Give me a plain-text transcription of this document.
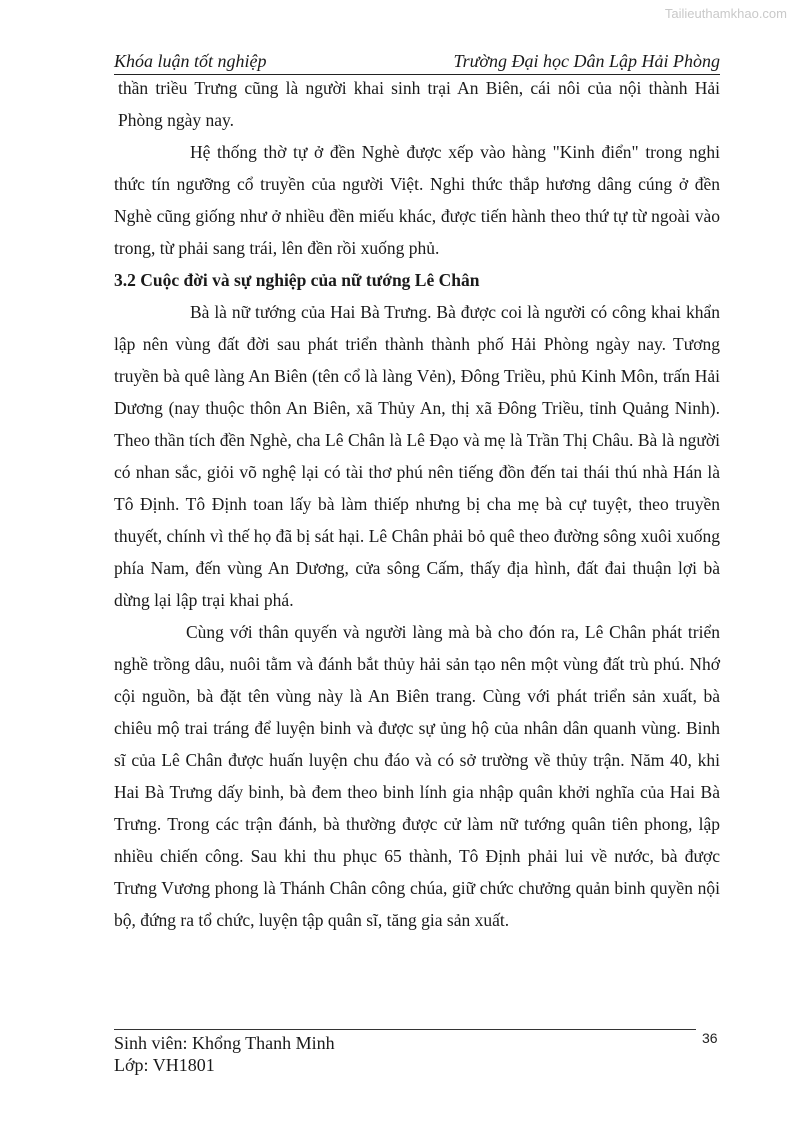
Tailieuthamkhao.com
Khóa luận tốt nghiệp	Trường Đại học Dân Lập Hải Phòng

thần triều Trưng cũng là người khai sinh trại An Biên, cái nôi của nội thành Hải Phòng ngày nay.

Hệ thống thờ tự ở đền Nghè được xếp vào hàng "Kinh điển" trong nghi thức tín ngưỡng cổ truyền của người Việt. Nghi thức thắp hương dâng cúng ở đền Nghè cũng giống như ở nhiều đền miếu khác, được tiến hành theo thứ tự từ ngoài vào trong, từ phải sang trái, lên đền rồi xuống phủ.

3.2 Cuộc đời và sự nghiệp của nữ tướng Lê Chân

Bà là nữ tướng của Hai Bà Trưng. Bà được coi là người có công khai khẩn lập nên vùng đất đời sau phát triển thành thành phố Hải Phòng ngày nay. Tương truyền bà quê làng An Biên (tên cổ là làng Vẻn), Đông Triều, phủ Kinh Môn, trấn Hải Dương (nay thuộc thôn An Biên, xã Thủy An, thị xã Đông Triều, tỉnh Quảng Ninh). Theo thần tích đền Nghè, cha Lê Chân là Lê Đạo và mẹ là Trần Thị Châu. Bà là người có nhan sắc, giỏi võ nghệ lại có tài thơ phú nên tiếng đồn đến tai thái thú nhà Hán là Tô Định. Tô Định toan lấy bà làm thiếp nhưng bị cha mẹ bà cự tuyệt, theo truyền thuyết, chính vì thế họ đã bị sát hại. Lê Chân phải bỏ quê theo đường sông xuôi xuống phía Nam, đến vùng An Dương, cửa sông Cấm, thấy địa hình, đất đai thuận lợi bà dừng lại lập trại khai phá.

Cùng với thân quyến và người làng mà bà cho đón ra, Lê Chân phát triển nghề trồng dâu, nuôi tằm và đánh bắt thủy hải sản tạo nên một vùng đất trù phú. Nhớ cội nguồn, bà đặt tên vùng này là An Biên trang. Cùng với phát triển sản xuất, bà chiêu mộ trai tráng để luyện binh và được sự ủng hộ của nhân dân quanh vùng. Binh sĩ của Lê Chân được huấn luyện chu đáo và có sở trường về thủy trận. Năm 40, khi Hai Bà Trưng dấy binh, bà đem theo binh lính gia nhập quân khởi nghĩa của Hai Bà Trưng. Trong các trận đánh, bà thường được cử làm nữ tướng quân tiên phong, lập nhiều chiến công. Sau khi thu phục 65 thành, Tô Định phải lui về nước, bà được Trưng Vương phong là Thánh Chân công chúa, giữ chức chưởng quản binh quyền nội bộ, đứng ra tổ chức, luyện tập quân sĩ, tăng gia sản xuất.

36
Sinh viên: Khổng Thanh Minh
Lớp: VH1801
